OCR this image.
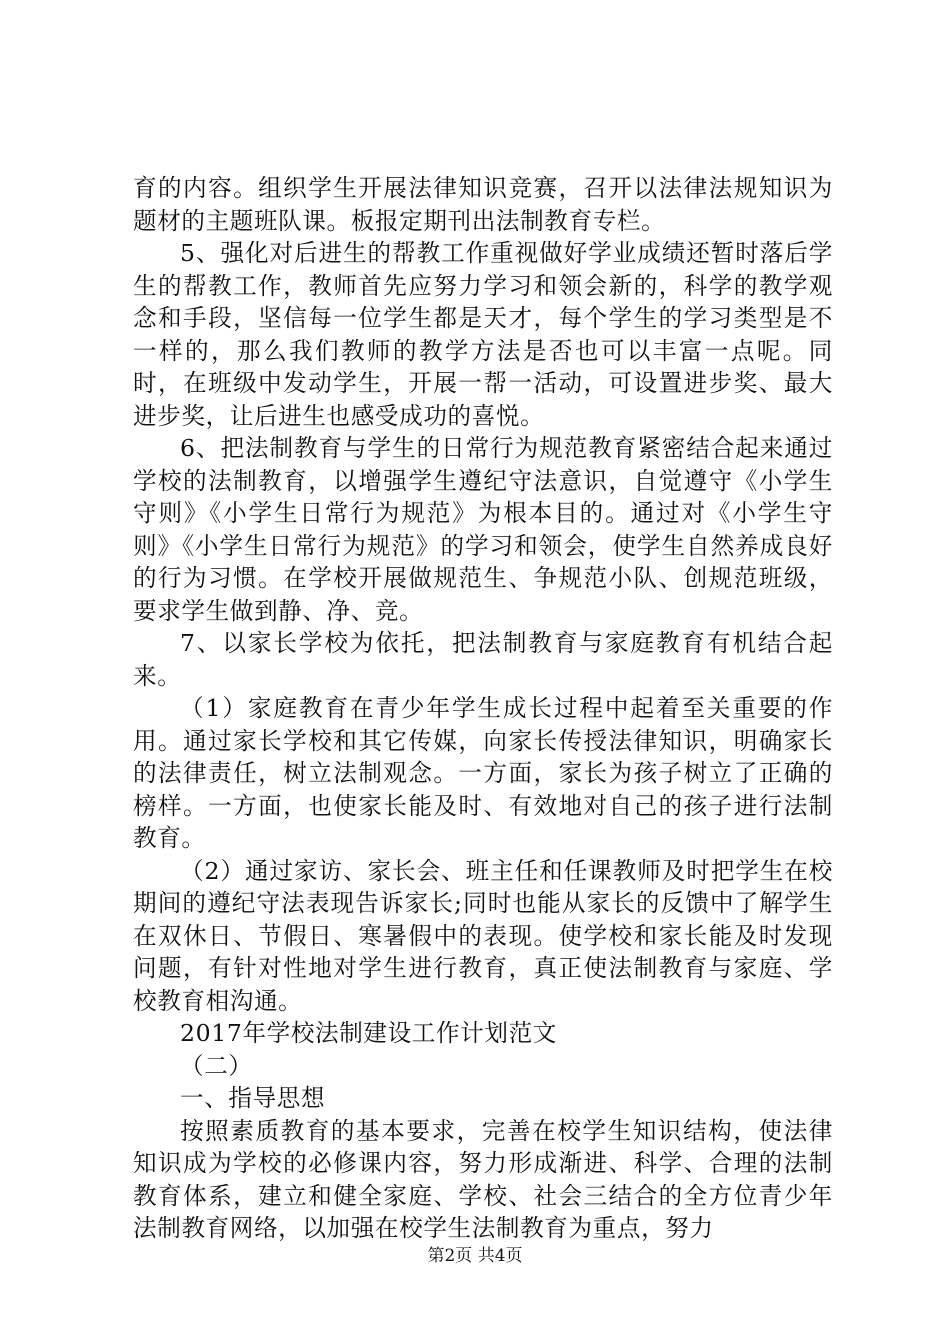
育的内容。组织学生开展法律知识竞赛，召开以法律法规知识为题材的主题班队课。板报定期刊出法制教育专栏。

5、强化对后进生的帮教工作重视做好学业成绩还暂时落后学生的帮教工作，教师首先应努力学习和领会新的，科学的教学观念和手段，坚信每一位学生都是天才，每个学生的学习类型是不一样的，那么我们教师的教学方法是否也可以丰富一点呢。同时，在班级中发动学生，开展一帮一活动，可设置进步奖、最大进步奖，让后进生也感受成功的喜悦。

6、把法制教育与学生的日常行为规范教育紧密结合起来通过学校的法制教育，以增强学生遵纪守法意识，自觉遵守《小学生守则》《小学生日常行为规范》为根本目的。通过对《小学生守则》《小学生日常行为规范》的学习和领会，使学生自然养成良好的行为习惯。在学校开展做规范生、争规范小队、创规范班级，要求学生做到静、净、竞。

7、以家长学校为依托，把法制教育与家庭教育有机结合起来。

（1）家庭教育在青少年学生成长过程中起着至关重要的作用。通过家长学校和其它传媒，向家长传授法律知识，明确家长的法律责任，树立法制观念。一方面，家长为孩子树立了正确的榜样。一方面，也使家长能及时、有效地对自己的孩子进行法制教育。

（2）通过家访、家长会、班主任和任课教师及时把学生在校期间的遵纪守法表现告诉家长;同时也能从家长的反馈中了解学生在双休日、节假日、寒暑假中的表现。使学校和家长能及时发现问题，有针对性地对学生进行教育，真正使法制教育与家庭、学校教育相沟通。

2017年学校法制建设工作计划范文

（二）

一、指导思想

按照素质教育的基本要求，完善在校学生知识结构，使法律知识成为学校的必修课内容，努力形成渐进、科学、合理的法制教育体系，建立和健全家庭、学校、社会三结合的全方位青少年法制教育网络，以加强在校学生法制教育为重点，努力

第2页 共4页
